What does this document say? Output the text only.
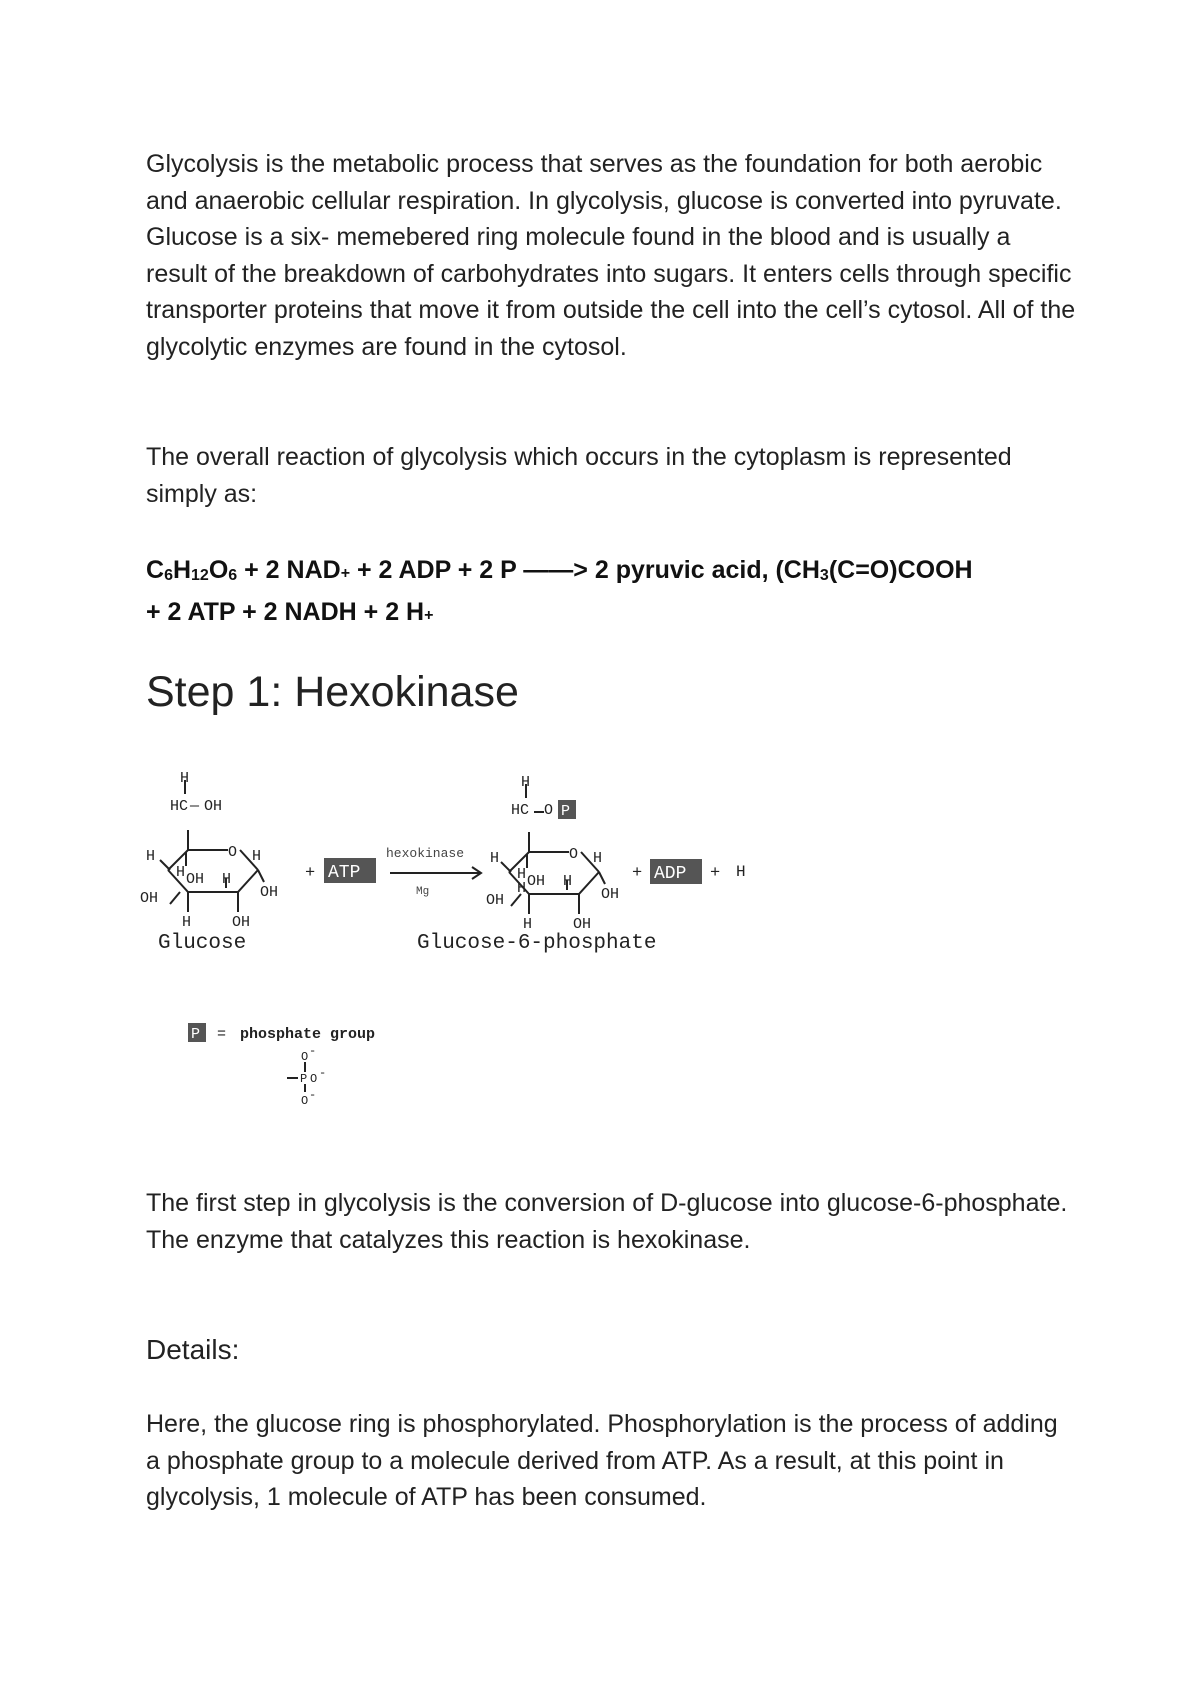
Glycolysis is the metabolic process that serves as the foundation for both aerobic and anaerobic cellular respiration. In glycolysis, glucose is converted into pyruvate. Glucose is a six- memebered ring molecule found in the blood and is usually a result of the breakdown of carbohydrates into sugars. It enters cells through specific transporter proteins that move it from outside the cell into the cell’s cytosol. All of the glycolytic enzymes are found in the cytosol.

The overall reaction of glycolysis which occurs in the cytoplasm is represented simply as:

$C_6H_{12}O_6 + 2$ NAD+ + 2 ADP + 2 P ——> 2 pyruvic acid, ($CH_3(C=O)COOH$
+ 2 ATP + 2 NADH + 2 H+

Step 1: Hexokinase
H
HC — OH
O
H	H
H OH H
OH
OH
H	OH
Glucose
+ ATP
hexokinase
Mg
H
HC O
O
H	H
H
H OH H
OH
OH
H	OH
P
Glucose-6-phosphate
+ ADP + H
P = phosphate group
O -
P O -
O -

The first step in glycolysis is the conversion of D-glucose into glucose-6-phosphate. The enzyme that catalyzes this reaction is hexokinase.

Details:

Here, the glucose ring is phosphorylated. Phosphorylation is the process of adding a phosphate group to a molecule derived from ATP. As a result, at this point in glycolysis, 1 molecule of ATP has been consumed.
